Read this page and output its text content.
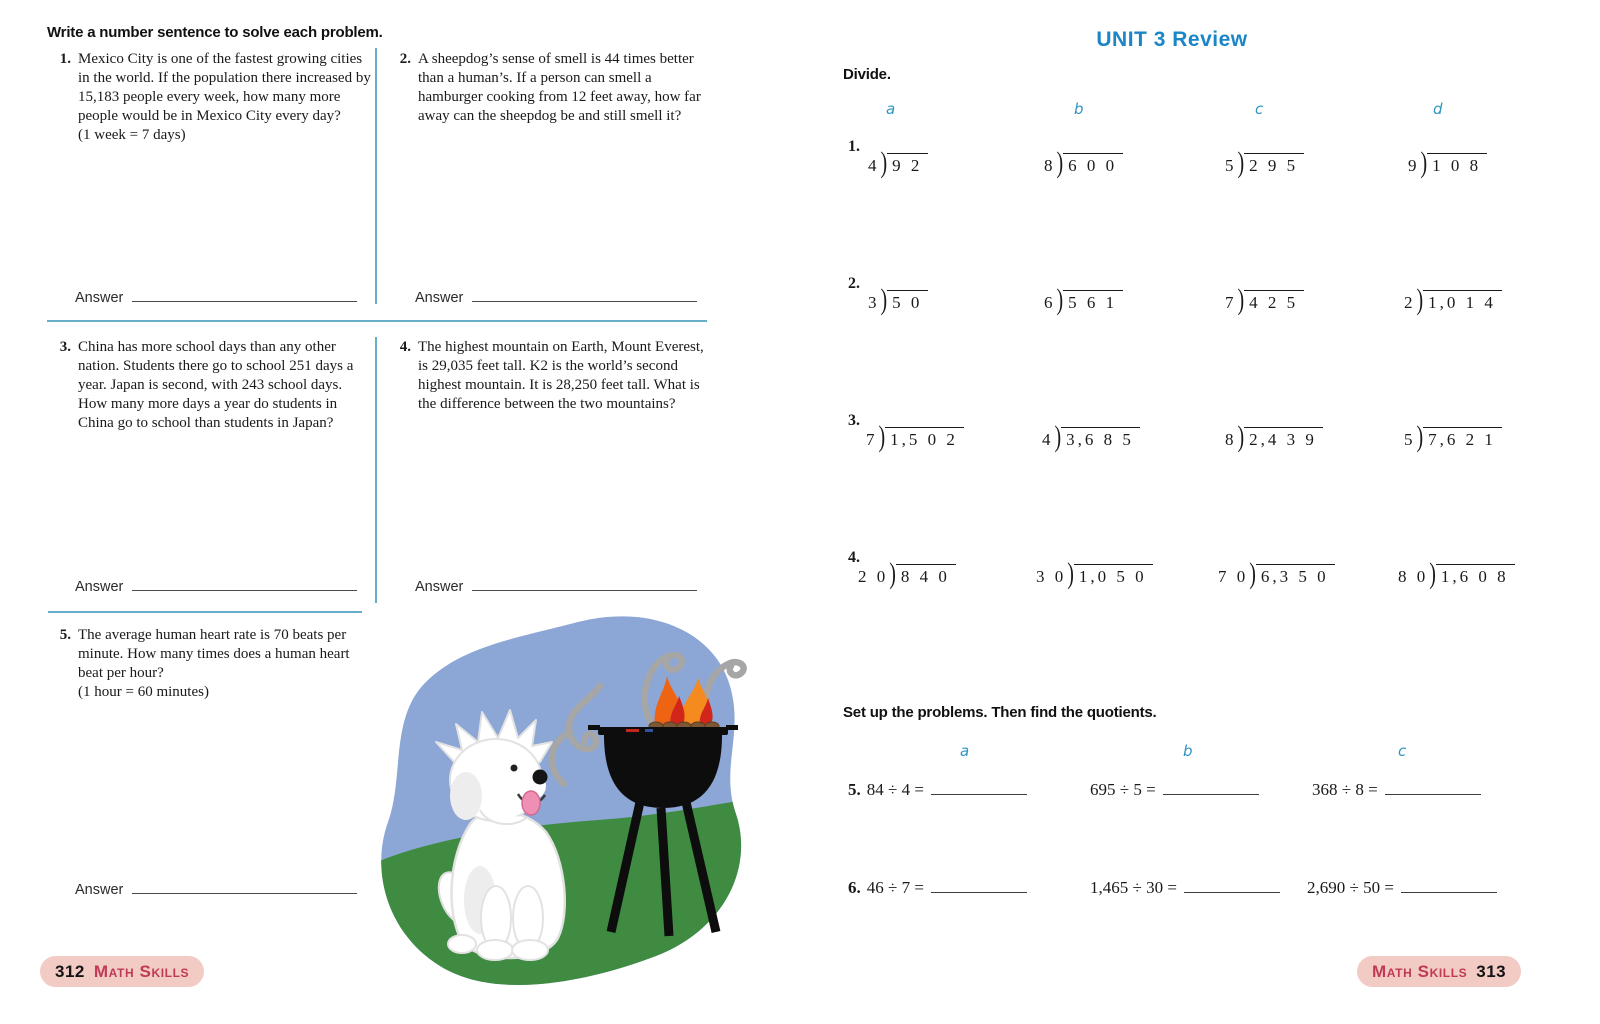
Write a number sentence to solve each problem.
1. Mexico City is one of the fastest growing cities in the world. If the population there increased by 15,183 people every week, how many more people would be in Mexico City every day?
(1 week = 7 days)
2. A sheepdog’s sense of smell is 44 times better than a human’s. If a person can smell a hamburger cooking from 12 feet away, how far away can the sheepdog be and still smell it?
Answer	Answer
3. China has more school days than any other nation. Students there go to school 251 days a year. Japan is second, with 243 school days. How many more days a year do students in China go to school than students in Japan?
4. The highest mountain on Earth, Mount Everest, is 29,035 feet tall. K2 is the world’s second highest mountain. It is 28,250 feet tall. What is the difference between the two mountains?
Answer	Answer
5. The average human heart rate is 70 beats per minute. How many times does a human heart beat per hour?
(1 hour = 60 minutes)
Answer
312 Math Skills
UNIT 3 Review
Divide.
a	b	c	d
1.
4) 9 2	8) 6 0 0	5) 2 9 5	9) 1 0 8
2.
3) 5 0	6) 5 6 1	7) 4 2 5	2) 1,0 1 4
3.
7) 1,5 0 2	4) 3,6 8 5	8) 2,4 3 9	5) 7,6 2 1
4.
2 0) 8 4 0	3 0) 1,0 5 0	7 0) 6,3 5 0	8 0) 1,6 0 8
Set up the problems. Then find the quotients.
a	b	c
5. 84 ÷ 4 =	695 ÷ 5 =	368 ÷ 8 =
6. 46 ÷ 7 =	1,465 ÷ 30 =	2,690 ÷ 50 =
Math Skills 313
